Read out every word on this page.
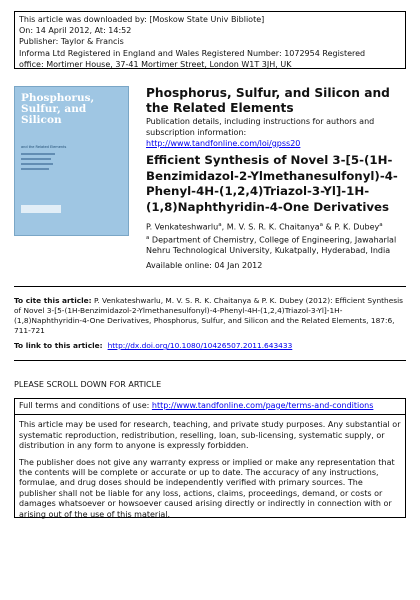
This article was downloaded by: [Moskow State Univ Bibliote]
On: 14 April 2012, At: 14:52
Publisher: Taylor & Francis
Informa Ltd Registered in England and Wales Registered Number: 1072954 Registered
office: Mortimer House, 37-41 Mortimer Street, London W1T 3JH, UK
Phosphorus,
Sulfur, and
Silicon
and the Related Elements
Phosphorus, Sulfur, and Silicon and the Related Elements
Publication details, including instructions for authors and subscription information:
http://www.tandfonline.com/loi/gpss20
Efficient Synthesis of Novel 3-[5-(1H-Benzimidazol-2-Ylmethanesulfonyl)-4-Phenyl-4H-(1,2,4)Triazol-3-Yl]-1H-(1,8)Naphthyridin-4-One Derivatives
P. Venkateshwarlu$^a$, M. V. S. R. K. Chaitanya$^a$ & P. K. Dubey$^a$
$^a$ Department of Chemistry, College of Engineering, Jawaharlal Nehru Technological University, Kukatpally, Hyderabad, India
Available online: 04 Jan 2012
To cite this article: P. Venkateshwarlu, M. V. S. R. K. Chaitanya & P. K. Dubey (2012): Efficient Synthesis of Novel 3-[5-(1H-Benzimidazol-2-Ylmethanesulfonyl)-4-Phenyl-4H-(1,2,4)Triazol-3-Yl]-1H-(1,8)Naphthyridin-4-One Derivatives, Phosphorus, Sulfur, and Silicon and the Related Elements, 187:6, 711-721
To link to this article: http://dx.doi.org/10.1080/10426507.2011.643433
PLEASE SCROLL DOWN FOR ARTICLE
Full terms and conditions of use: http://www.tandfonline.com/page/terms-and-conditions

This article may be used for research, teaching, and private study purposes. Any substantial or systematic reproduction, redistribution, reselling, loan, sub-licensing, systematic supply, or distribution in any form to anyone is expressly forbidden.

The publisher does not give any warranty express or implied or make any representation that the contents will be complete or accurate or up to date. The accuracy of any instructions, formulae, and drug doses should be independently verified with primary sources. The publisher shall not be liable for any loss, actions, claims, proceedings, demand, or costs or damages whatsoever or howsoever caused arising directly or indirectly in connection with or arising out of the use of this material.
